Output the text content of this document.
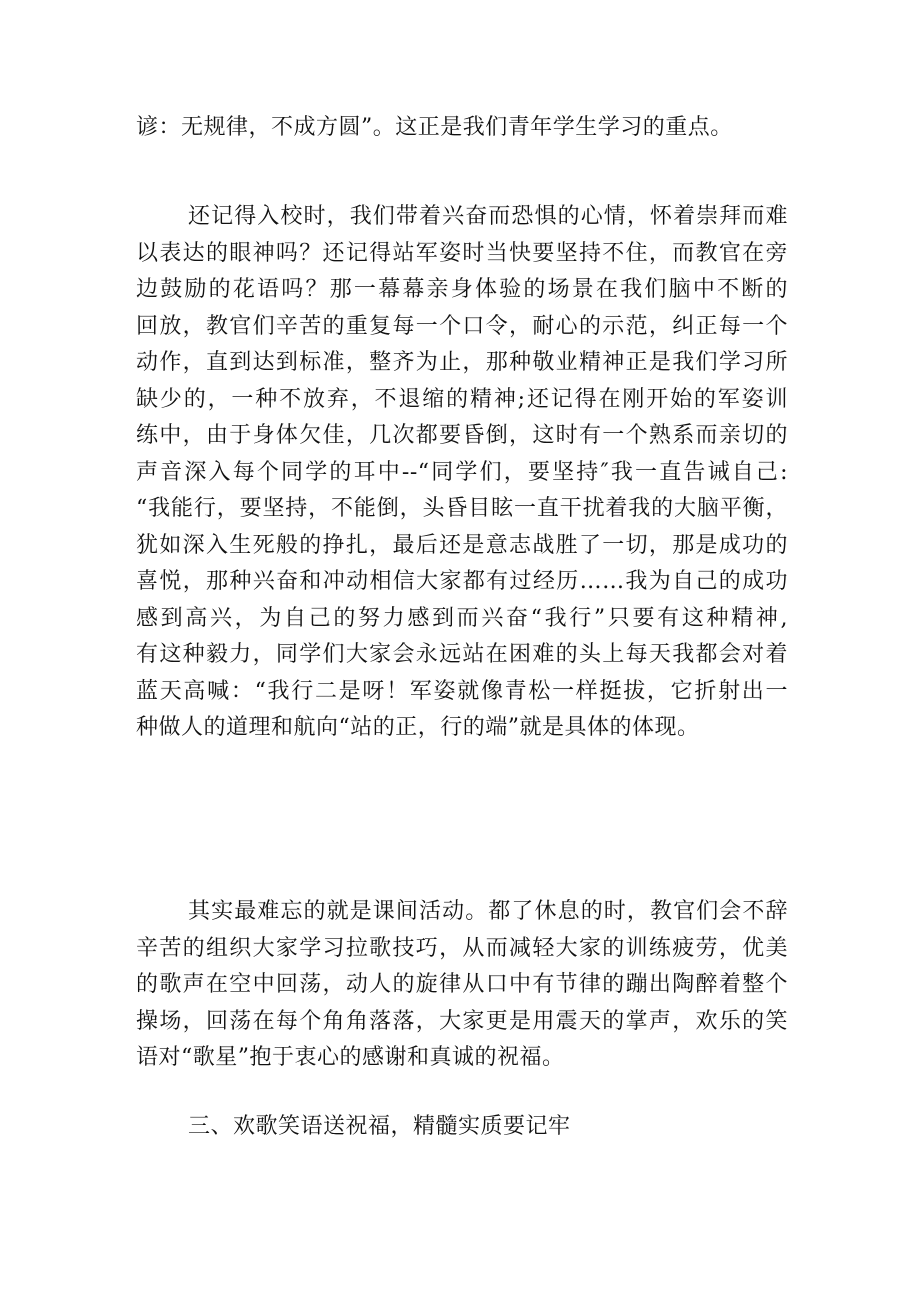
谚：无规律，不成方圆”。这正是我们青年学生学习的重点。
还记得入校时，我们带着兴奋而恐惧的心情，怀着崇拜而难
以表达的眼神吗？还记得站军姿时当快要坚持不住，而教官在旁
边鼓励的花语吗？那一幕幕亲身体验的场景在我们脑中不断的
回放，教官们辛苦的重复每一个口令，耐心的示范，纠正每一个
动作，直到达到标准，整齐为止，那种敬业精神正是我们学习所
缺少的，一种不放弃，不退缩的精神;还记得在刚开始的军姿训
练中，由于身体欠佳，几次都要昏倒，这时有一个熟系而亲切的
声音深入每个同学的耳中--“同学们，要坚持″我一直告诫自己:
“我能行，要坚持，不能倒，头昏目眩一直干扰着我的大脑平衡，
犹如深入生死般的挣扎，最后还是意志战胜了一切，那是成功的
喜悦，那种兴奋和冲动相信大家都有过经历……我为自己的成功
感到高兴，为自己的努力感到而兴奋“我行”只要有这种精神,
有这种毅力，同学们大家会永远站在困难的头上每天我都会对着
蓝天高喊：“我行二是呀！军姿就像青松一样挺拔，它折射出一
种做人的道理和航向“站的正，行的端”就是具体的体现。
其实最难忘的就是课间活动。都了休息的时，教官们会不辞
辛苦的组织大家学习拉歌技巧，从而减轻大家的训练疲劳，优美
的歌声在空中回荡，动人的旋律从口中有节律的蹦出陶醉着整个
操场，回荡在每个角角落落，大家更是用震天的掌声，欢乐的笑
语对“歌星”抱于衷心的感谢和真诚的祝福。
三、欢歌笑语送祝福，精髓实质要记牢
